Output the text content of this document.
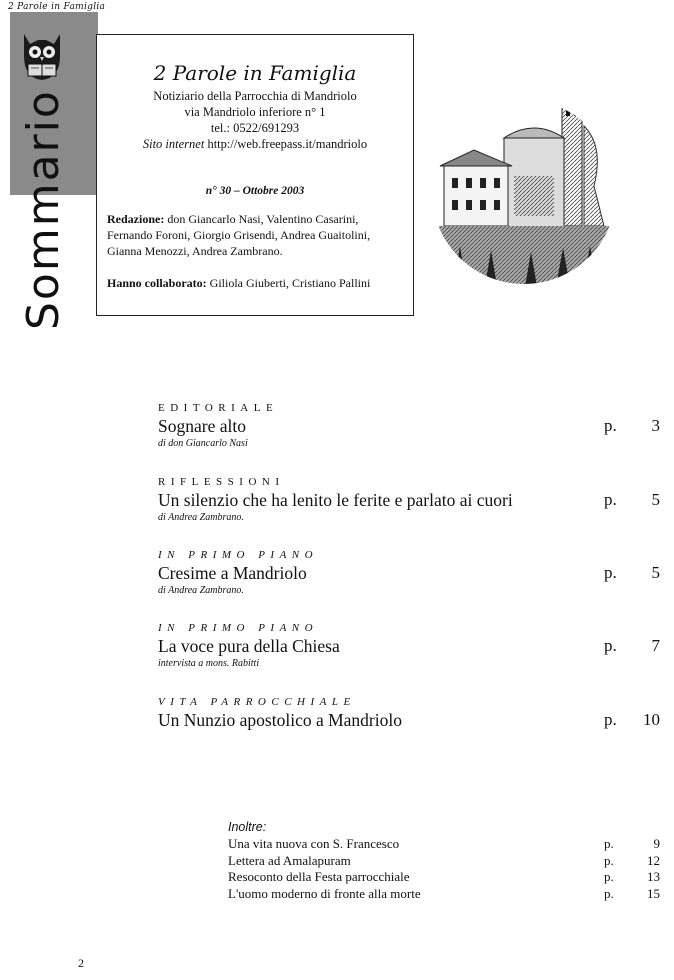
2 Parole in Famiglia
Sommario
2 Parole in Famiglia
Notiziario della Parrocchia di Mandriolo
via Mandriolo inferiore n° 1
tel.: 0522/691293
Sito internet http://web.freepass.it/mandriolo
n° 30 – Ottobre 2003
Redazione: don Giancarlo Nasi, Valentino Casarini, Fernando Foroni, Giorgio Grisendi, Andrea Guaitolini, Gianna Menozzi, Andrea Zambrano.
Hanno collaborato: Giliola Giuberti, Cristiano Pallini
EDITORIALE
Sognare alto
di don Giancarlo Nasi
p. 3
RIFLESSIONI
Un silenzio che ha lenito le ferite e parlato ai cuori
di Andrea Zambrano.
p. 5
IN PRIMO PIANO
Cresime a Mandriolo
di Andrea Zambrano.
p. 5
IN PRIMO PIANO
La voce pura della Chiesa
intervista a mons. Rabitti
p. 7
VITA PARROCCHIALE
Un Nunzio apostolico a Mandriolo	p. 10
Inoltre:
Una vita nuova con S. Francesco	p.	9
Lettera ad Amalapuram	p.	12
Resoconto della Festa parrocchiale	p.	13
L'uomo moderno di fronte alla morte	p.	15
2
